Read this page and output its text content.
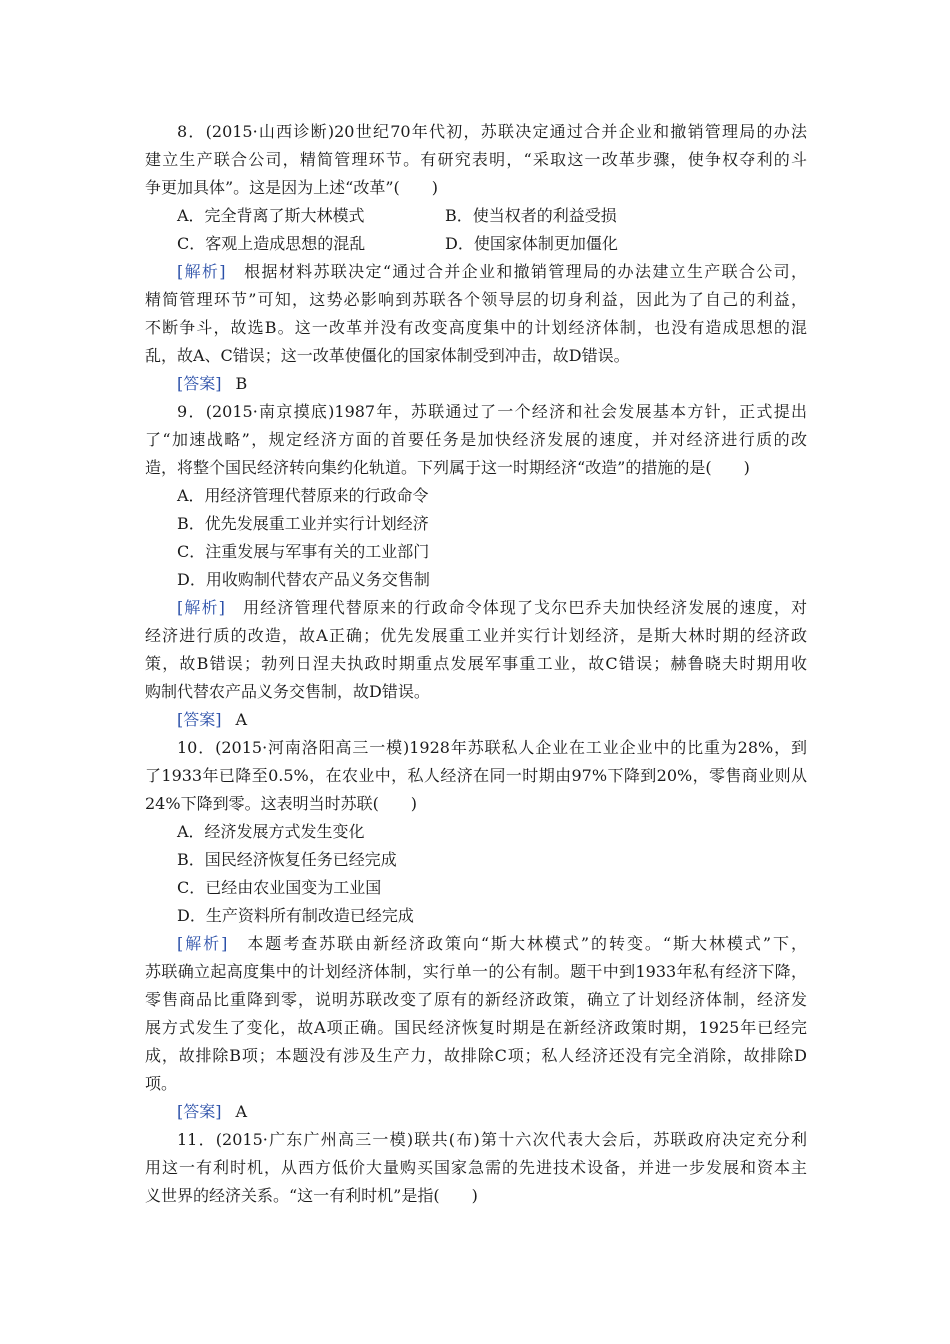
8．(2015·山西诊断)20世纪70年代初，苏联决定通过合并企业和撤销管理局的办法
建立生产联合公司，精简管理环节。有研究表明，“采取这一改革步骤，使争权夺利的斗
争更加具体”。这是因为上述“改革”(　　)
A．完全背离了斯大林模式	B．使当权者的利益受损
C．客观上造成思想的混乱	D．使国家体制更加僵化
[解析]　 根据材料苏联决定“通过合并企业和撤销管理局的办法建立生产联合公司，
精简管理环节”可知，这势必影响到苏联各个领导层的切身利益，因此为了自己的利益，
不断争斗，故选B。这一改革并没有改变高度集中的计划经济体制，也没有造成思想的混
乱，故A、C错误；这一改革使僵化的国家体制受到冲击，故D错误。
[答案] B
9．(2015·南京摸底)1987年，苏联通过了一个经济和社会发展基本方针，正式提出
了“加速战略”，规定经济方面的首要任务是加快经济发展的速度，并对经济进行质的改
造，将整个国民经济转向集约化轨道。下列属于这一时期经济“改造”的措施的是(　　)
A．用经济管理代替原来的行政命令
B．优先发展重工业并实行计划经济
C．注重发展与军事有关的工业部门
D．用收购制代替农产品义务交售制
[解析]　 用经济管理代替原来的行政命令体现了戈尔巴乔夫加快经济发展的速度，对
经济进行质的改造，故A正确；优先发展重工业并实行计划经济，是斯大林时期的经济政
策，故B错误；勃列日涅夫执政时期重点发展军事重工业，故C错误；赫鲁晓夫时期用收
购制代替农产品义务交售制，故D错误。
[答案] A
10．(2015·河南洛阳高三一模)1928年苏联私人企业在工业企业中的比重为28%，到
了1933年已降至0.5%，在农业中，私人经济在同一时期由97%下降到20%，零售商业则从
24%下降到零。这表明当时苏联(　　)
A．经济发展方式发生变化
B．国民经济恢复任务已经完成
C．已经由农业国变为工业国
D．生产资料所有制改造已经完成
[解析]　 本题考查苏联由新经济政策向“斯大林模式”的转变。“斯大林模式”下，
苏联确立起高度集中的计划经济体制，实行单一的公有制。题干中到1933年私有经济下降，
零售商品比重降到零，说明苏联改变了原有的新经济政策，确立了计划经济体制，经济发
展方式发生了变化，故A项正确。国民经济恢复时期是在新经济政策时期，1925年已经完
成，故排除B项；本题没有涉及生产力，故排除C项；私人经济还没有完全消除，故排除D
项。
[答案] A
11．(2015·广东广州高三一模)联共(布)第十六次代表大会后，苏联政府决定充分利
用这一有利时机，从西方低价大量购买国家急需的先进技术设备，并进一步发展和资本主
义世界的经济关系。“这一有利时机”是指(　　)
